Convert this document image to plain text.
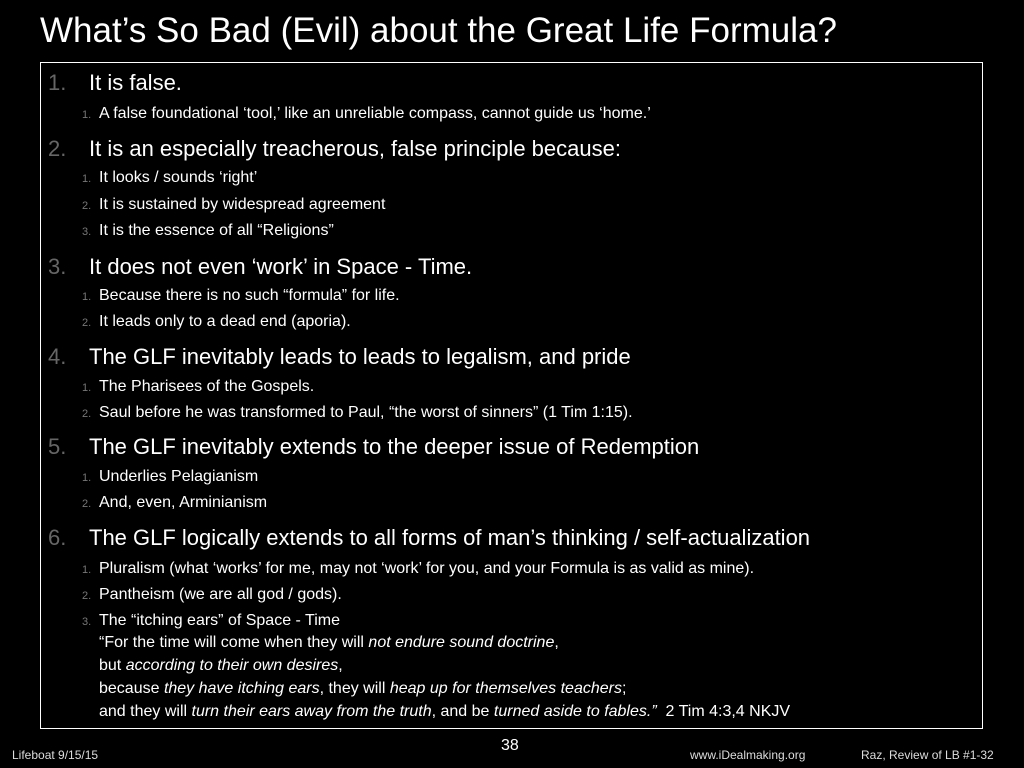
What’s So Bad (Evil) about the Great Life Formula?
1.	It is false.
1. A false foundational ‘tool,’ like an unreliable compass, cannot guide us ‘home.’
2.	It is an especially treacherous, false principle because:
1. It looks / sounds ‘right’
2. It is sustained by widespread agreement
3. It is the essence of all “Religions”
3.	It does not even ‘work’ in Space - Time.
1. Because there is no such “formula” for life.
2. It leads only to a dead end (aporia).
4.	The GLF inevitably leads to leads to legalism, and pride
1. The Pharisees of the Gospels.
2. Saul before he was transformed to Paul, “the worst of sinners” (1 Tim 1:15).
5.	The GLF inevitably extends to the deeper issue of Redemption
1. Underlies Pelagianism
2. And, even, Arminianism
6.	The GLF logically extends to all forms of man’s thinking / self-actualization
1. Pluralism (what ‘works’ for me, may not ‘work’ for you, and your Formula is as valid as mine).
2. Pantheism (we are all god / gods).
3. The “itching ears” of Space - Time
“For the time will come when they will not endure sound doctrine,
but according to their own desires,
because they have itching ears, they will heap up for themselves teachers;
and they will turn their ears away from the truth, and be turned aside to fables.”  2 Tim 4:3,4 NKJV
Lifeboat 9/15/15
38
www.iDealmaking.org	Raz, Review of LB #1-32
